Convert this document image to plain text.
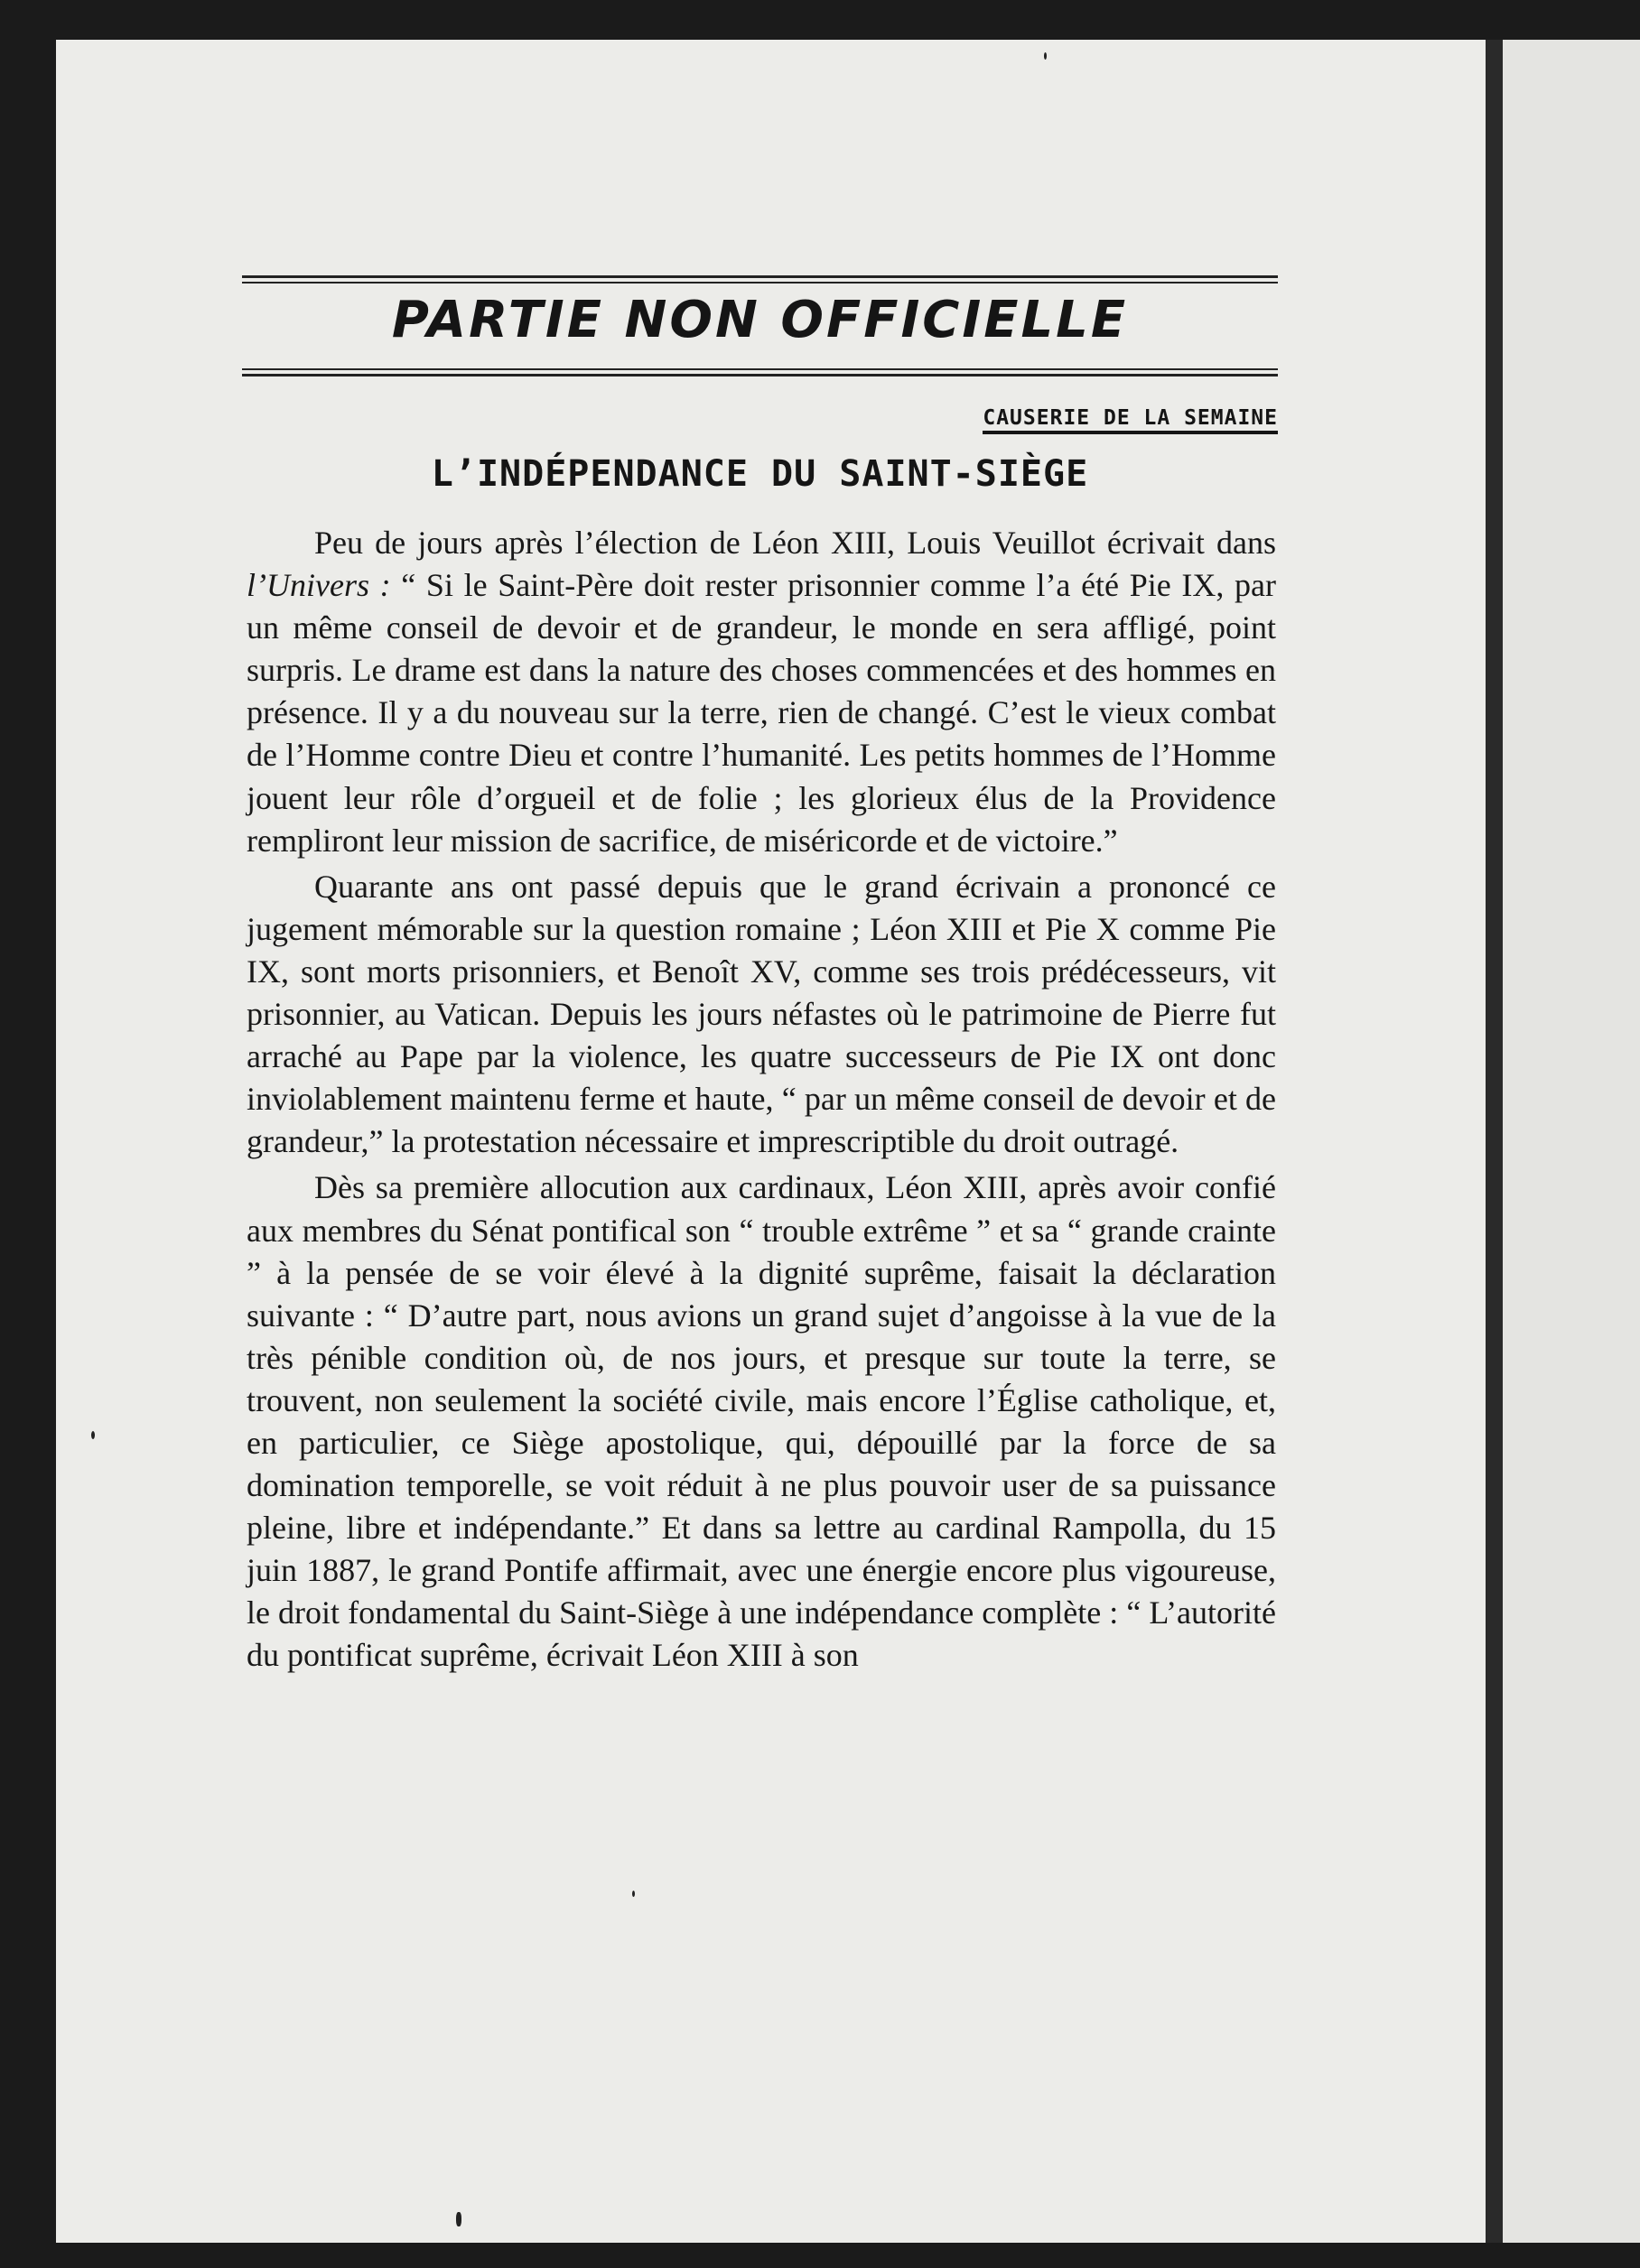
PARTIE NON OFFICIELLE
CAUSERIE DE LA SEMAINE
L’INDÉPENDANCE DU SAINT-SIÈGE

Peu de jours après l’élection de Léon XIII, Louis Veuillot écrivait dans l’Univers : “ Si le Saint-Père doit rester prisonnier comme l’a été Pie IX, par un même conseil de devoir et de grandeur, le monde en sera affligé, point surpris. Le drame est dans la nature des choses commencées et des hommes en présence. Il y a du nouveau sur la terre, rien de changé. C’est le vieux combat de l’Homme contre Dieu et contre l’humanité. Les petits hommes de l’Homme jouent leur rôle d’orgueil et de folie ; les glorieux élus de la Providence rempliront leur mission de sacrifice, de miséricorde et de victoire.”

Quarante ans ont passé depuis que le grand écrivain a prononcé ce jugement mémorable sur la question romaine ; Léon XIII et Pie X comme Pie IX, sont morts prisonniers, et Benoît XV, comme ses trois prédécesseurs, vit prisonnier, au Vatican. Depuis les jours néfastes où le patrimoine de Pierre fut arraché au Pape par la violence, les quatre successeurs de Pie IX ont donc inviolablement maintenu ferme et haute, “ par un même conseil de devoir et de grandeur,” la protestation nécessaire et imprescriptible du droit outragé.

Dès sa première allocution aux cardinaux, Léon XIII, après avoir confié aux membres du Sénat pontifical son “ trouble extrême ” et sa “ grande crainte ” à la pensée de se voir élevé à la dignité suprême, faisait la déclaration suivante : “ D’autre part, nous avions un grand sujet d’angoisse à la vue de la très pénible condition où, de nos jours, et presque sur toute la terre, se trouvent, non seulement la société civile, mais encore l’Église catholique, et, en particulier, ce Siège apostolique, qui, dépouillé par la force de sa domination temporelle, se voit réduit à ne plus pouvoir user de sa puissance pleine, libre et indépendante.” Et dans sa lettre au cardinal Rampolla, du 15 juin 1887, le grand Pontife affirmait, avec une énergie encore plus vigoureuse, le droit fondamental du Saint-Siège à une indépendance complète : “ L’autorité du pontificat suprême, écrivait Léon XIII à son
